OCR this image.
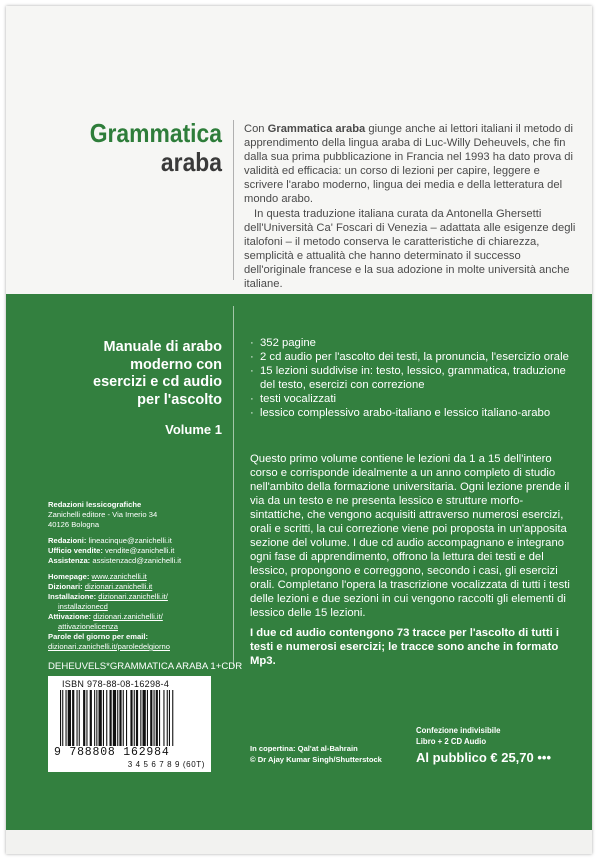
Grammatica
araba

Con Grammatica araba giunge anche ai lettori italiani il metodo di apprendimento della lingua araba di Luc-Willy Deheuvels, che fin dalla sua prima pubblicazione in Francia nel 1993 ha dato prova di validità ed efficacia: un corso di lezioni per capire, leggere e scrivere l'arabo moderno, lingua dei media e della letteratura del mondo arabo.

In questa traduzione italiana curata da Antonella Ghersetti dell'Università Ca' Foscari di Venezia – adattata alle esigenze degli italofoni – il metodo conserva le caratteristiche di chiarezza, semplicità e attualità che hanno determinato il successo dell'originale francese e la sua adozione in molte università anche italiane.

Manuale di arabo
moderno con
esercizi e cd audio
per l'ascolto
Volume 1
Redazioni lessicografiche
Zanichelli editore - Via Irnerio 34
40126 Bologna
Redazioni: lineacinque@zanichelli.it
Ufficio vendite: vendite@zanichelli.it
Assistenza: assistenzacd@zanichelli.it
Homepage: www.zanichelli.it
Dizionari: dizionari.zanichelli.it
Installazione: dizionari.zanichelli.it/
installazionecd
Attivazione: dizionari.zanichelli.it/
attivazionelicenza
Parole del giorno per email:
dizionari.zanichelli.it/paroledelgiorno
DEHEUVELS*GRAMMATICA ARABA 1+CDR
ISBN 978-88-08-16298-4
9 788808 162984
3 4 5 6 7 8 9 (60T)
· 352 pagine
· 2 cd audio per l'ascolto dei testi, la pronuncia, l'esercizio orale
· 15 lezioni suddivise in: testo, lessico, grammatica, traduzione del testo, esercizi con correzione
· testi vocalizzati
· lessico complessivo arabo-italiano e lessico italiano-arabo

Questo primo volume contiene le lezioni da 1 a 15 dell'intero corso e corrisponde idealmente a un anno completo di studio nell'ambito della formazione universitaria. Ogni lezione prende il via da un testo e ne presenta lessico e strutture morfo-sintattiche, che vengono acquisiti attraverso numerosi esercizi, orali e scritti, la cui correzione viene poi proposta in un'apposita sezione del volume. I due cd audio accompagnano e integrano ogni fase di apprendimento, offrono la lettura dei testi e del lessico, propongono e correggono, secondo i casi, gli esercizi orali. Completano l'opera la trascrizione vocalizzata di tutti i testi delle lezioni e due sezioni in cui vengono raccolti gli elementi di lessico delle 15 lezioni.

I due cd audio contengono 73 tracce per l'ascolto di tutti i testi e numerosi esercizi; le tracce sono anche in formato Mp3.

In copertina: Qal'at al-Bahrain
© Dr Ajay Kumar Singh/Shutterstock
Confezione indivisibile
Libro + 2 CD Audio
Al pubblico € 25,70 •••
